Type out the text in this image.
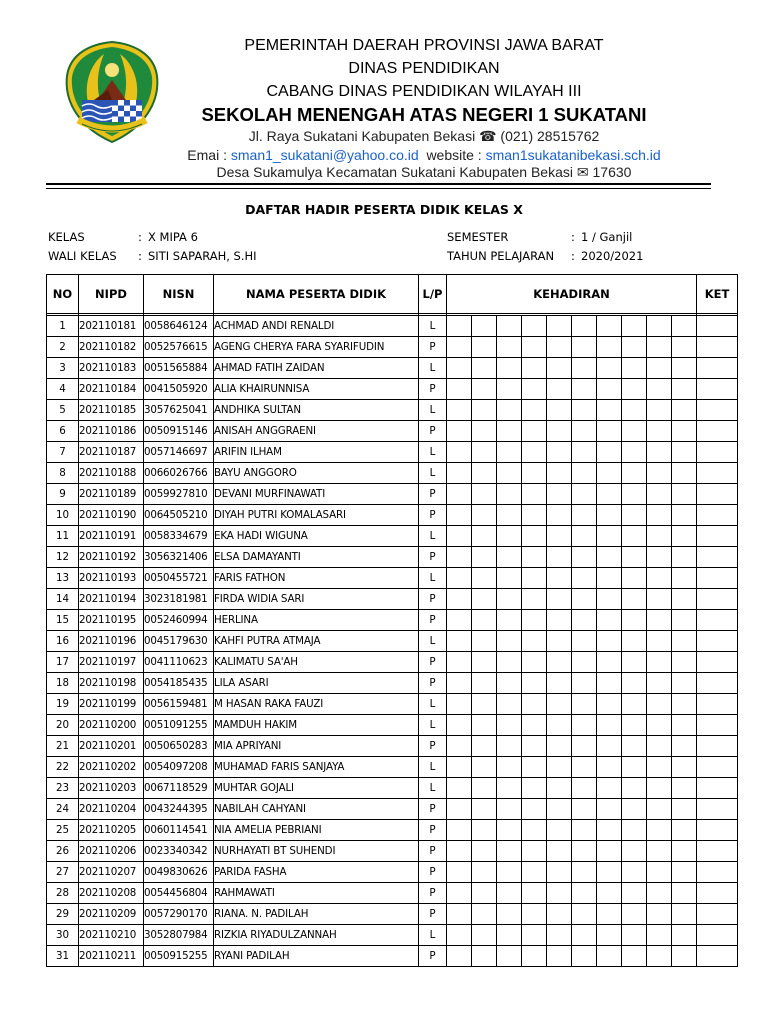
PEMERINTAH DAERAH PROVINSI JAWA BARAT
DINAS PENDIDIKAN
CABANG DINAS PENDIDIKAN WILAYAH III
SEKOLAH MENENGAH ATAS NEGERI 1 SUKATANI
Jl. Raya Sukatani Kabupaten Bekasi ☎ (021) 28515762
Emai : sman1_sukatani@yahoo.co.id website : sman1sukatanibekasi.sch.id
Desa Sukamulya Kecamatan Sukatani Kabupaten Bekasi ✉ 17630
DAFTAR HADIR PESERTA DIDIK KELAS X
KELAS	: X MIPA 6
WALI KELAS : SITI SAPARAH, S.HI
SEMESTER	: 1 / Ganjil
TAHUN PELAJARAN : 2020/2021
NO	NIPD	NISN	NAMA PESERTA DIDIK	L/P	KEHADIRAN										KET

1	202110181	0058646124	ACHMAD ANDI RENALDI	L											
2	202110182	0052576615	AGENG CHERYA FARA SYARIFUDIN	P											
3	202110183	0051565884	AHMAD FATIH ZAIDAN	L											
4	202110184	0041505920	ALIA KHAIRUNNISA	P											
5	202110185	3057625041	ANDHIKA SULTAN	L											
6	202110186	0050915146	ANISAH ANGGRAENI	P											
7	202110187	0057146697	ARIFIN ILHAM	L											
8	202110188	0066026766	BAYU ANGGORO	L											
9	202110189	0059927810	DEVANI MURFINAWATI	P											
10	202110190	0064505210	DIYAH PUTRI KOMALASARI	P											
11	202110191	0058334679	EKA HADI WIGUNA	L											
12	202110192	3056321406	ELSA DAMAYANTI	P											
13	202110193	0050455721	FARIS FATHON	L											
14	202110194	3023181981	FIRDA WIDIA SARI	P											
15	202110195	0052460994	HERLINA	P											
16	202110196	0045179630	KAHFI PUTRA ATMAJA	L											
17	202110197	0041110623	KALIMATU SA'AH	P											
18	202110198	0054185435	LILA ASARI	P											
19	202110199	0056159481	M HASAN RAKA FAUZI	L											
20	202110200	0051091255	MAMDUH HAKIM	L											
21	202110201	0050650283	MIA APRIYANI	P											
22	202110202	0054097208	MUHAMAD FARIS SANJAYA	L											
23	202110203	0067118529	MUHTAR GOJALI	L											
24	202110204	0043244395	NABILAH CAHYANI	P											
25	202110205	0060114541	NIA AMELIA PEBRIANI	P											
26	202110206	0023340342	NURHAYATI BT SUHENDI	P											
27	202110207	0049830626	PARIDA FASHA	P											
28	202110208	0054456804	RAHMAWATI	P											
29	202110209	0057290170	RIANA. N. PADILAH	P											
30	202110210	3052807984	RIZKIA RIYADULZANNAH	L											
31	202110211	0050915255	RYANI PADILAH	P											
